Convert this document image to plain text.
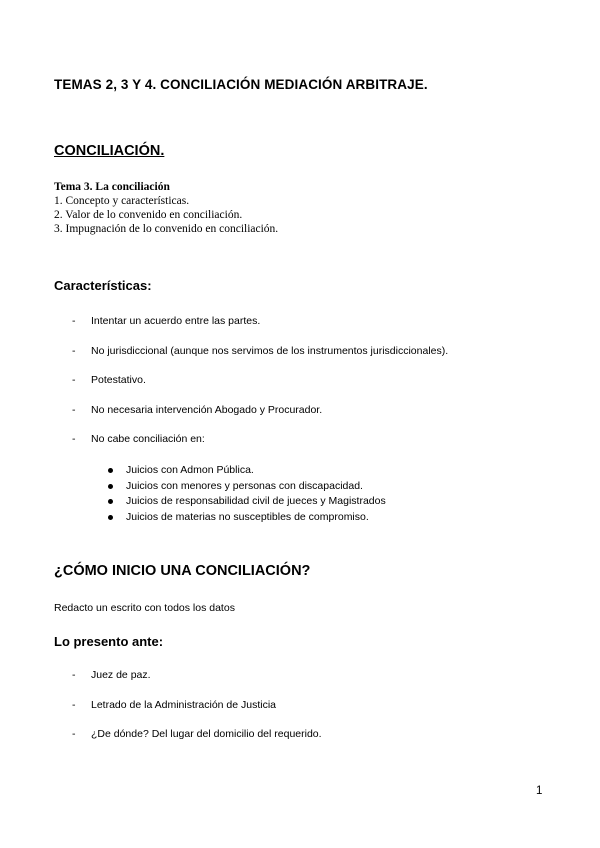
TEMAS 2, 3 Y 4. CONCILIACIÓN MEDIACIÓN ARBITRAJE.
CONCILIACIÓN.
Tema 3. La conciliación
1. Concepto y características.
2. Valor de lo convenido en conciliación.
3. Impugnación de lo convenido en conciliación.
Características:
- Intentar un acuerdo entre las partes.
- No jurisdiccional (aunque nos servimos de los instrumentos jurisdiccionales).
- Potestativo.
- No necesaria intervención Abogado y Procurador.
- No cabe conciliación en:
Juicios con Admon Pública.
Juicios con menores y personas con discapacidad.
Juicios de responsabilidad civil de jueces y Magistrados
Juicios de materias no susceptibles de compromiso.
¿CÓMO INICIO UNA CONCILIACIÓN?
Redacto un escrito con todos los datos
Lo presento ante:
- Juez de paz.
- Letrado de la Administración de Justicia
- ¿De dónde? Del lugar del domicilio del requerido.
1
